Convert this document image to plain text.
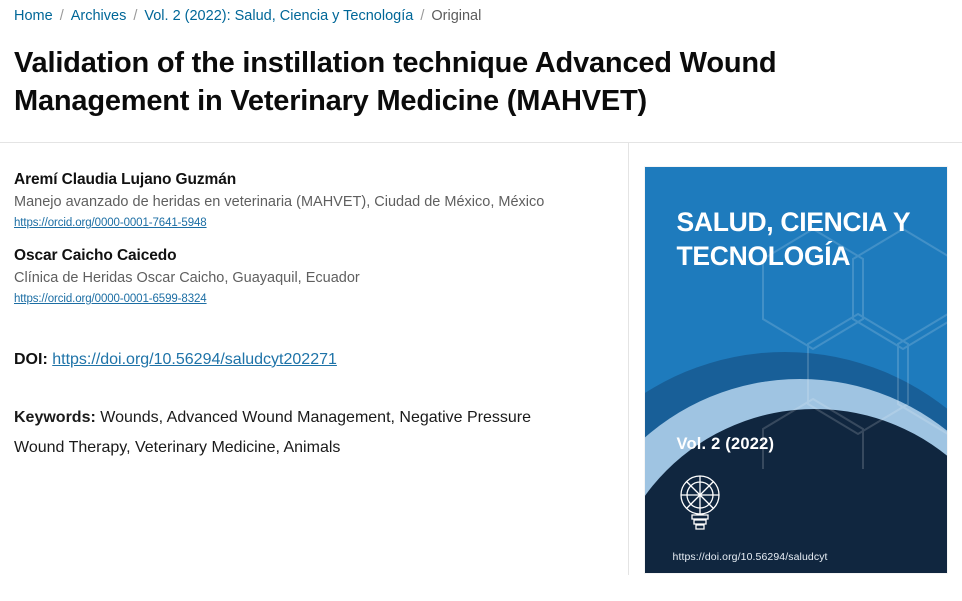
Home / Archives / Vol. 2 (2022): Salud, Ciencia y Tecnología / Original
Validation of the instillation technique Advanced Wound Management in Veterinary Medicine (MAHVET)
Aremí Claudia Lujano Guzmán
Manejo avanzado de heridas en veterinaria (MAHVET), Ciudad de México, México
https://orcid.org/0000-0001-7641-5948
Oscar Caicho Caicedo
Clínica de Heridas Oscar Caicho, Guayaquil, Ecuador
https://orcid.org/0000-0001-6599-8324
DOI: https://doi.org/10.56294/saludcyt202271
Keywords: Wounds, Advanced Wound Management, Negative Pressure Wound Therapy, Veterinary Medicine, Animals
SALUD, CIENCIA Y TECNOLOGÍA
Vol. 2 (2022)
https://doi.org/10.56294/saludcyt
